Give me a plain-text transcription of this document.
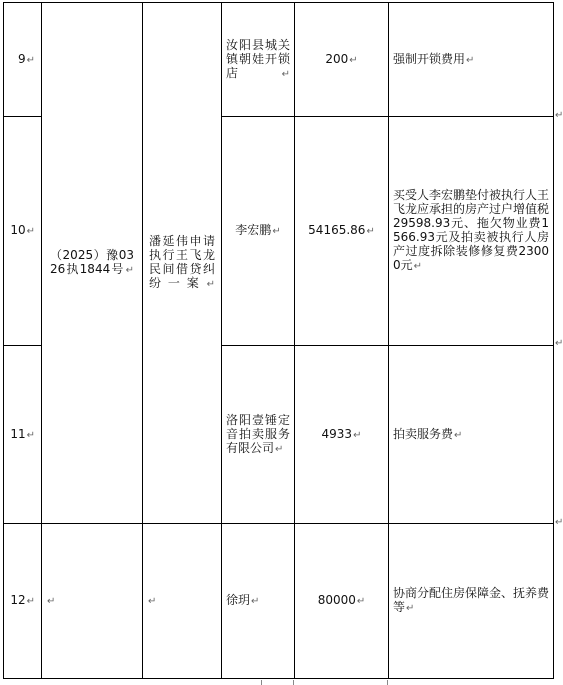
9↵	（2025）豫0326执1844号↵	潘延伟申请执行王飞龙民间借贷纠纷一案↵	汝阳县城关镇朝娃开锁店↵	200↵	强制开锁费用↵

10↵			李宏鹏↵	54165.86↵	买受人李宏鹏垫付被执行人王飞龙应承担的房产过户增值税29598.93元、拖欠物业费1566.93元及拍卖被执行人房产过度拆除装修修复费23000元↵

11↵			洛阳壹锤定音拍卖服务有限公司↵	4933↵	拍卖服务费↵

12↵	↵	↵	徐玥↵	80000↵	协商分配住房保障金、抚养费等↵
↵
↵
↵
